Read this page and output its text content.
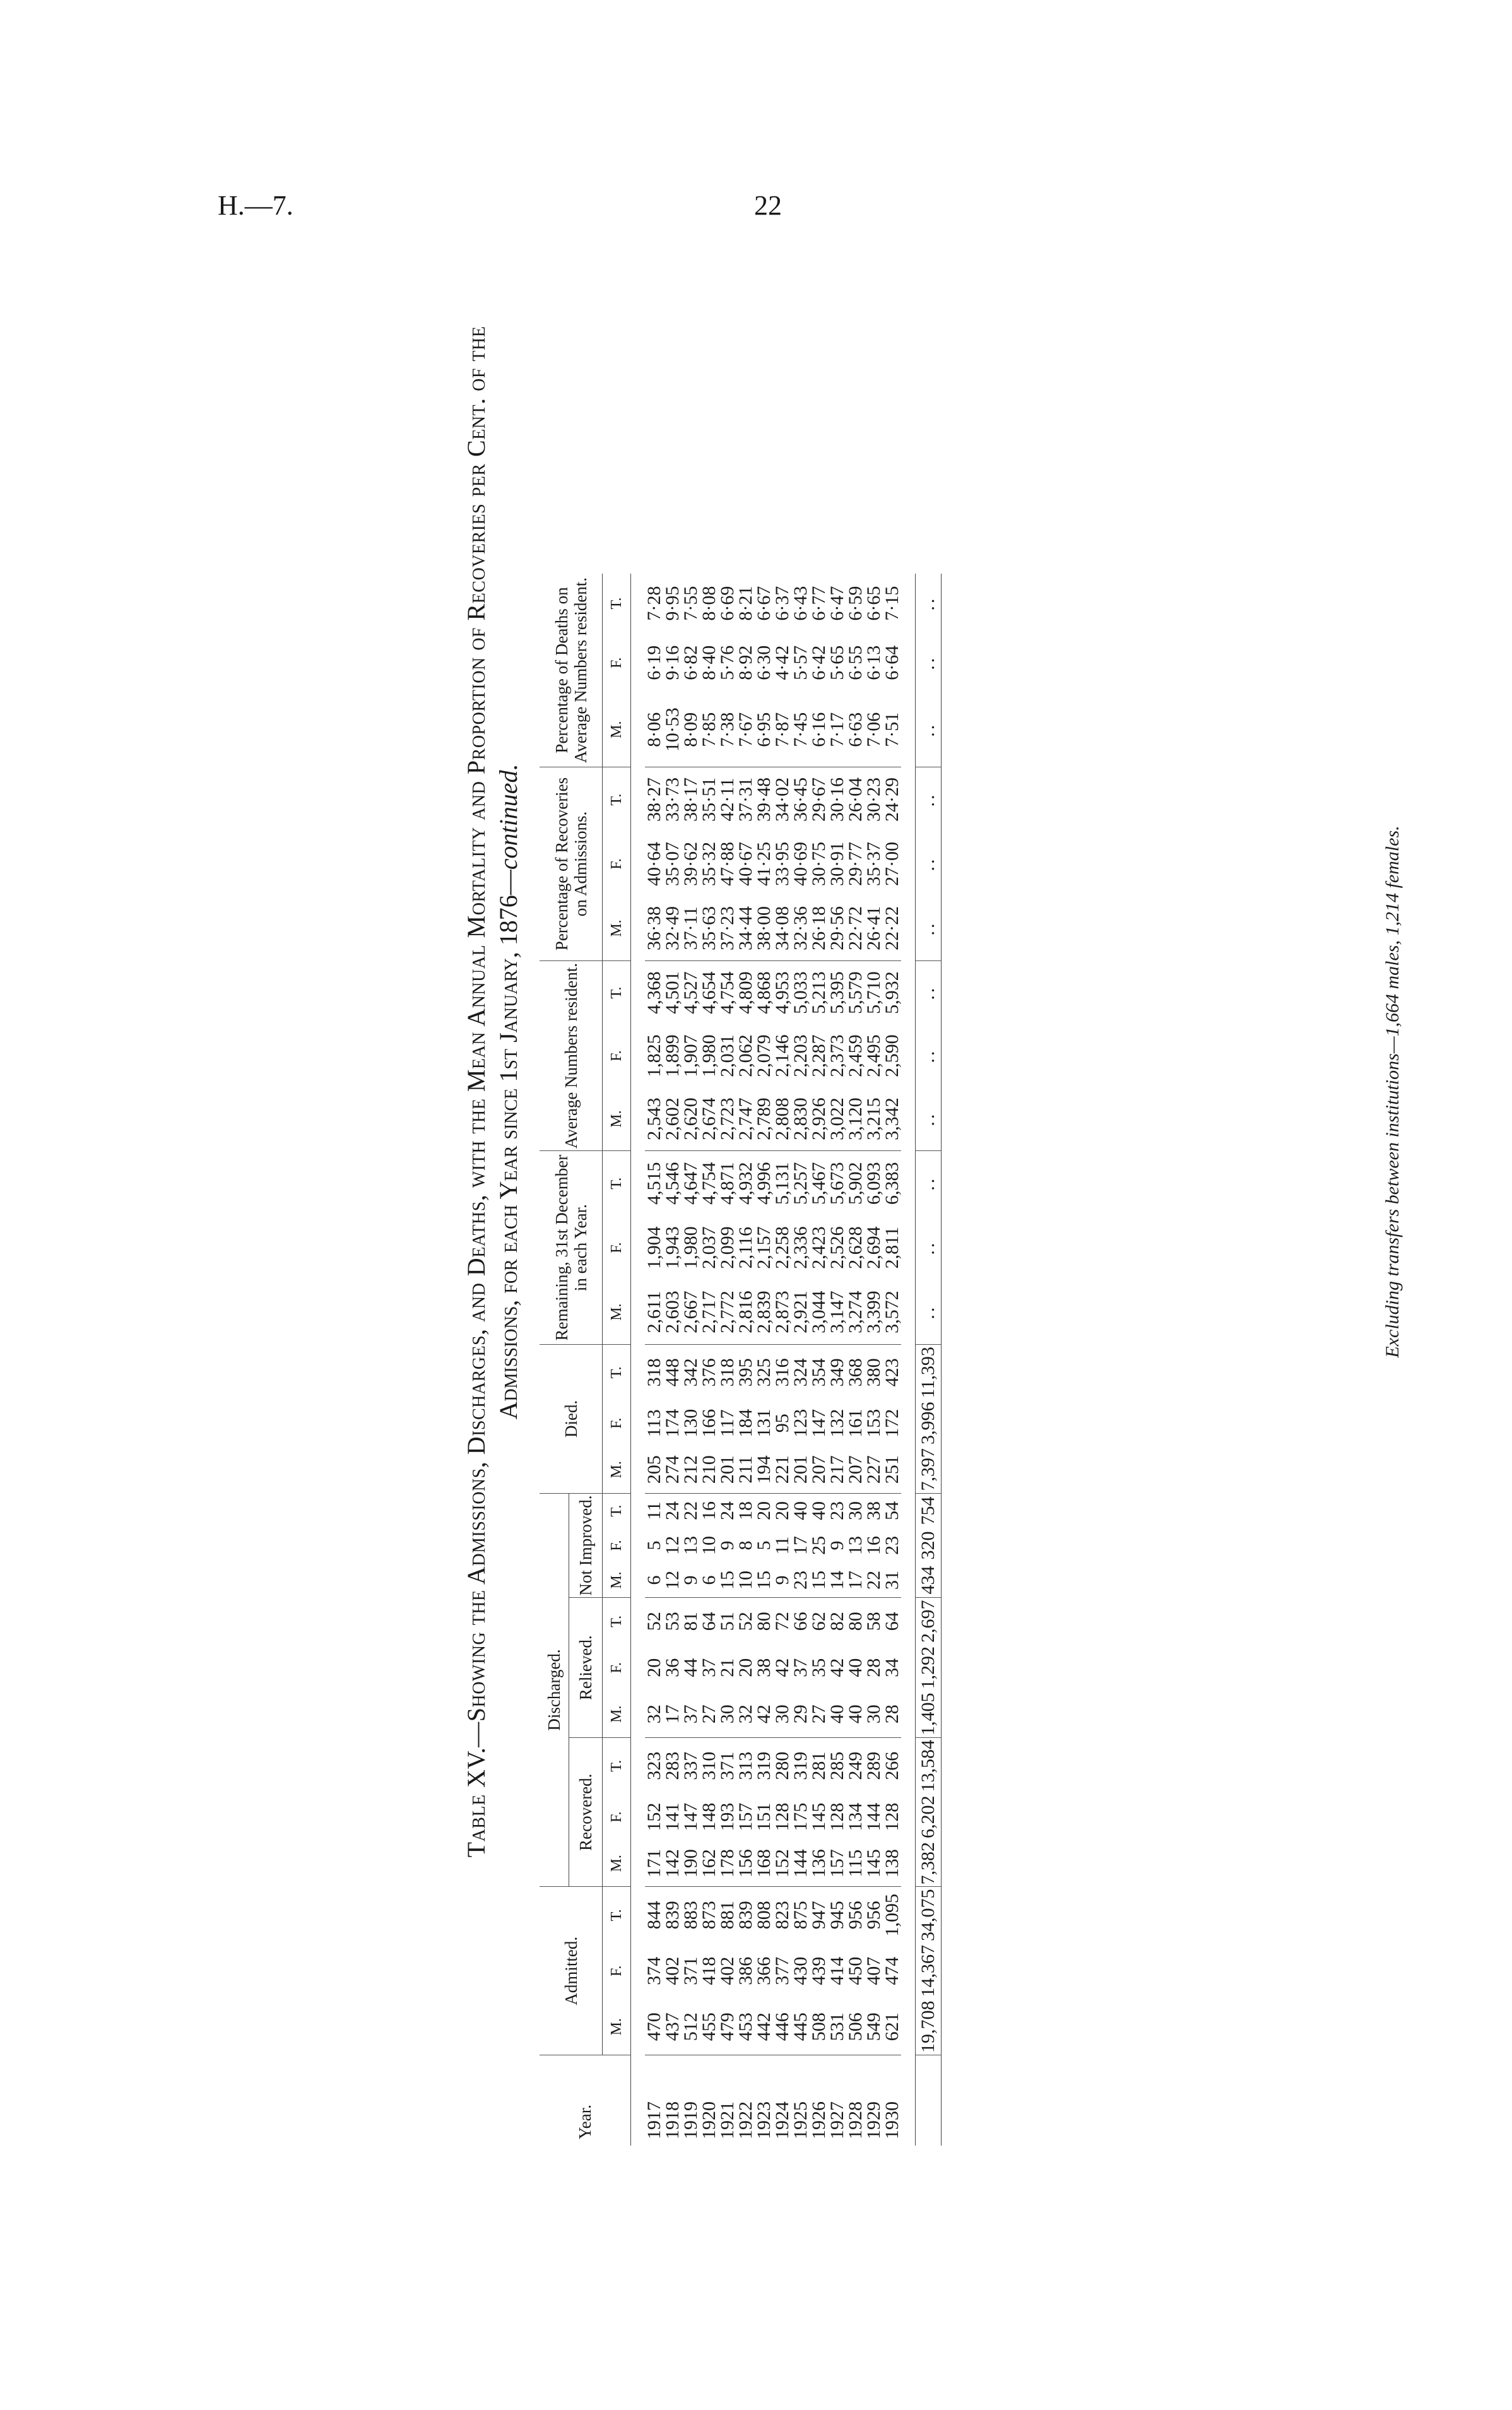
H.—7.	22
Table XV.—Showing the Admissions, Discharges, and Deaths, with the Mean Annual Mortality and Proportion of Recoveries per Cent. of the Admissions, for each Year since 1st January, 1876—continued.
Year.	Admitted.			Discharged.									Died.			Remaining, 31st December in each Year.			Average Numbers resident.			Percentage of Recoveries on Admissions.			Percentage of Deaths on Average Numbers resident.		
				Recovered.			Relieved.			Not Improved.																	
	M.	F.	T.	M.	F.	T.	M.	F.	T.	M.	F.	T.	M.	F.	T.	M.	F.	T.	M.	F.	T.	M.	F.	T.	M.	F.	T.

1917	470	374	844	171	152	323	32	20	52	6	5	11	205	113	318	2,611	1,904	4,515	2,543	1,825	4,368	36·38	40·64	38·27	8·06	6·19	7·28
1918	437	402	839	142	141	283	17	36	53	12	12	24	274	174	448	2,603	1,943	4,546	2,602	1,899	4,501	32·49	35·07	33·73	10·53	9·16	9·95
1919	512	371	883	190	147	337	37	44	81	9	13	22	212	130	342	2,667	1,980	4,647	2,620	1,907	4,527	37·11	39·62	38·17	8·09	6·82	7·55
1920	455	418	873	162	148	310	27	37	64	6	10	16	210	166	376	2,717	2,037	4,754	2,674	1,980	4,654	35·63	35·32	35·51	7·85	8·40	8·08
1921	479	402	881	178	193	371	30	21	51	15	9	24	201	117	318	2,772	2,099	4,871	2,723	2,031	4,754	37·23	47·88	42·11	7·38	5·76	6·69
1922	453	386	839	156	157	313	32	20	52	10	8	18	211	184	395	2,816	2,116	4,932	2,747	2,062	4,809	34·44	40·67	37·31	7·67	8·92	8·21
1923	442	366	808	168	151	319	42	38	80	15	5	20	194	131	325	2,839	2,157	4,996	2,789	2,079	4,868	38·00	41·25	39·48	6·95	6·30	6·67
1924	446	377	823	152	128	280	30	42	72	9	11	20	221	95	316	2,873	2,258	5,131	2,808	2,146	4,953	34·08	33·95	34·02	7·87	4·42	6·37
1925	445	430	875	144	175	319	29	37	66	23	17	40	201	123	324	2,921	2,336	5,257	2,830	2,203	5,033	32·36	40·69	36·45	7·45	5·57	6·43
1926	508	439	947	136	145	281	27	35	62	15	25	40	207	147	354	3,044	2,423	5,467	2,926	2,287	5,213	26·18	30·75	29·67	6·16	6·42	6·77
1927	531	414	945	157	128	285	40	42	82	14	9	23	217	132	349	3,147	2,526	5,673	3,022	2,373	5,395	29·56	30·91	30·16	7·17	5·65	6·47
1928	506	450	956	115	134	249	40	40	80	17	13	30	207	161	368	3,274	2,628	5,902	3,120	2,459	5,579	22·72	29·77	26·04	6·63	6·55	6·59
1929	549	407	956	145	144	289	30	28	58	22	16	38	227	153	380	3,399	2,694	6,093	3,215	2,495	5,710	26·41	35·37	30·23	7·06	6·13	6·65
1930	621	474	1,095	138	128	266	28	34	64	31	23	54	251	172	423	3,572	2,811	6,383	3,342	2,590	5,932	22·22	27·00	24·29	7·51	6·64	7·15

	19,708	14,367	34,075	7,382	6,202	13,584	1,405	1,292	2,697	434	320	754	7,397	3,996	11,393	..	..	..	..	..	..	..	..	..	..	..	..
Excluding transfers between institutions—1,664 males, 1,214 females.
